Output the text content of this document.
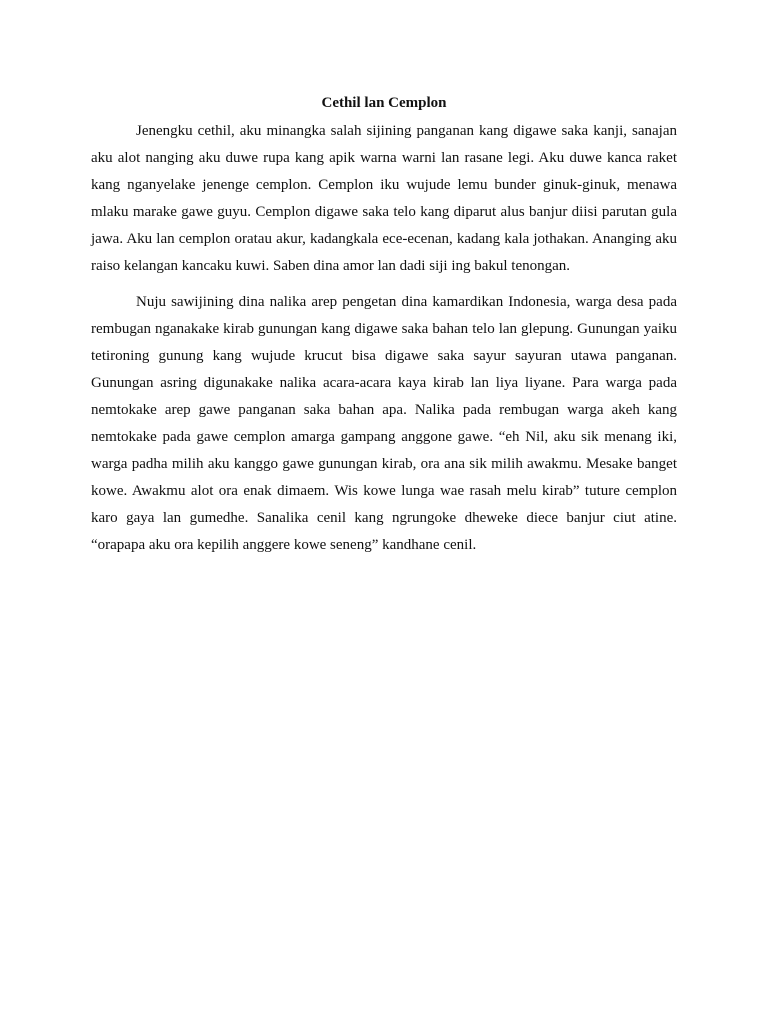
Cethil lan Cemplon

Jenengku cethil, aku minangka salah sijining panganan kang digawe saka kanji, sanajan aku alot nanging aku duwe rupa kang apik warna warni lan rasane legi. Aku duwe kanca raket kang nganyelake jenenge cemplon. Cemplon iku wujude lemu bunder ginuk-ginuk, menawa mlaku marake gawe guyu. Cemplon digawe saka telo kang diparut alus banjur diisi parutan gula jawa. Aku lan cemplon oratau akur, kadangkala ece-ecenan, kadang kala jothakan. Ananging aku raiso kelangan kancaku kuwi. Saben dina amor lan dadi siji ing bakul tenongan.

Nuju sawijining dina nalika arep pengetan dina kamardikan Indonesia, warga desa pada rembugan nganakake kirab gunungan kang digawe saka bahan telo lan glepung. Gunungan yaiku tetironing gunung kang wujude krucut bisa digawe saka sayur sayuran utawa panganan. Gunungan asring digunakake nalika acara-acara kaya kirab lan liya liyane. Para warga pada nemtokake arep gawe panganan saka bahan apa. Nalika pada rembugan warga akeh kang nemtokake pada gawe cemplon amarga gampang anggone gawe. “eh Nil, aku sik menang iki, warga padha milih aku kanggo gawe gunungan kirab, ora ana sik milih awakmu. Mesake banget kowe. Awakmu alot ora enak dimaem. Wis kowe lunga wae rasah melu kirab” tuture cemplon karo gaya lan gumedhe. Sanalika cenil kang ngrungoke dheweke diece banjur ciut atine. “orapapa aku ora kepilih anggere kowe seneng” kandhane cenil.
